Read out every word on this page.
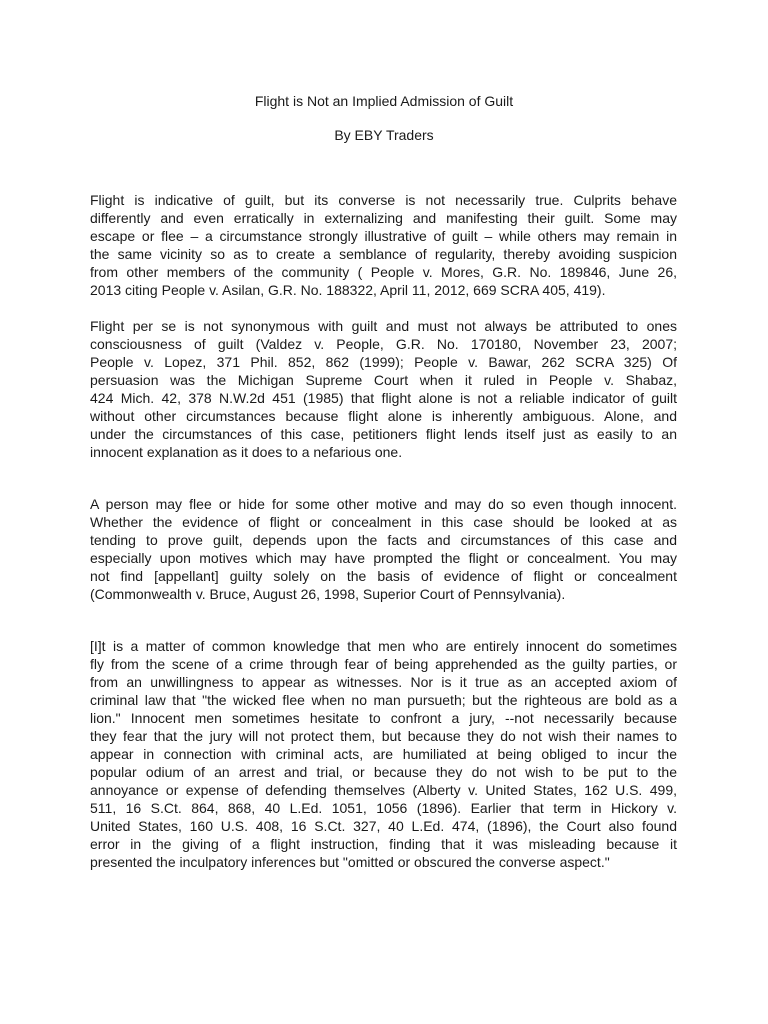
Flight is Not an Implied Admission of Guilt
By EBY Traders
Flight is indicative of guilt, but its converse is not necessarily true. Culprits behave
differently and even erratically in externalizing and manifesting their guilt. Some may
escape or flee – a circumstance strongly illustrative of guilt – while others may remain in
the same vicinity so as to create a semblance of regularity, thereby avoiding suspicion
from other members of the community ( People v. Mores, G.R. No. 189846, June 26,
2013 citing People v. Asilan, G.R. No. 188322, April 11, 2012, 669 SCRA 405, 419).
Flight per se is not synonymous with guilt and must not always be attributed to ones
consciousness of guilt (Valdez v. People, G.R. No. 170180, November 23, 2007;
People v. Lopez, 371 Phil. 852, 862 (1999); People v. Bawar, 262 SCRA 325) Of
persuasion was the Michigan Supreme Court when it ruled in People v. Shabaz,
424 Mich. 42, 378 N.W.2d 451 (1985) that flight alone is not a reliable indicator of guilt
without other circumstances because flight alone is inherently ambiguous. Alone, and
under the circumstances of this case, petitioners flight lends itself just as easily to an
innocent explanation as it does to a nefarious one.
A person may flee or hide for some other motive and may do so even though innocent.
Whether the evidence of flight or concealment in this case should be looked at as
tending to prove guilt, depends upon the facts and circumstances of this case and
especially upon motives which may have prompted the flight or concealment. You may
not find [appellant] guilty solely on the basis of evidence of flight or concealment
(Commonwealth v. Bruce, August 26, 1998, Superior Court of Pennsylvania).
[I]t is a matter of common knowledge that men who are entirely innocent do sometimes
fly from the scene of a crime through fear of being apprehended as the guilty parties, or
from an unwillingness to appear as witnesses. Nor is it true as an accepted axiom of
criminal law that "the wicked flee when no man pursueth; but the righteous are bold as a
lion." Innocent men sometimes hesitate to confront a jury, --not necessarily because
they fear that the jury will not protect them, but because they do not wish their names to
appear in connection with criminal acts, are humiliated at being obliged to incur the
popular odium of an arrest and trial, or because they do not wish to be put to the
annoyance or expense of defending themselves (Alberty v. United States, 162 U.S. 499,
511, 16 S.Ct. 864, 868, 40 L.Ed. 1051, 1056 (1896). Earlier that term in Hickory v.
United States, 160 U.S. 408, 16 S.Ct. 327, 40 L.Ed. 474, (1896), the Court also found
error in the giving of a flight instruction, finding that it was misleading because it
presented the inculpatory inferences but "omitted or obscured the converse aspect."
